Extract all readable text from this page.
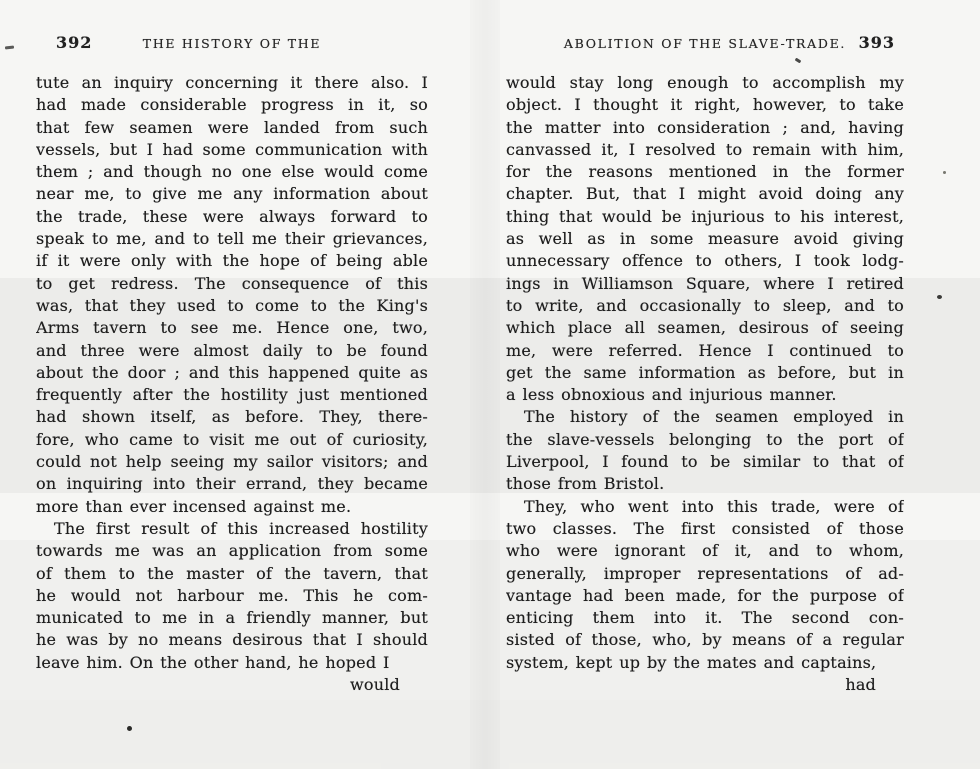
392	THE HISTORY OF THE
tute an inquiry concerning it there also. I
had made considerable progress in it, so
that few seamen were landed from such
vessels, but I had some communication with
them ; and though no one else would come
near me, to give me any information about
the trade, these were always forward to
speak to me, and to tell me their grievances,
if it were only with the hope of being able
to get redress. The consequence of this
was, that they used to come to the King's
Arms tavern to see me. Hence one, two,
and three were almost daily to be found
about the door ; and this happened quite as
frequently after the hostility just mentioned
had shown itself, as before. They, there-
fore, who came to visit me out of curiosity,
could not help seeing my sailor visitors; and
on inquiring into their errand, they became
more than ever incensed against me.
The first result of this increased hostility
towards me was an application from some
of them to the master of the tavern, that
he would not harbour me. This he com-
municated to me in a friendly manner, but
he was by no means desirous that I should
leave him. On the other hand, he hoped I
would
ABOLITION OF THE SLAVE-TRADE. 393
would stay long enough to accomplish my
object. I thought it right, however, to take
the matter into consideration ; and, having
canvassed it, I resolved to remain with him,
for the reasons mentioned in the former
chapter. But, that I might avoid doing any
thing that would be injurious to his interest,
as well as in some measure avoid giving
unnecessary offence to others, I took lodg-
ings in Williamson Square, where I retired
to write, and occasionally to sleep, and to
which place all seamen, desirous of seeing
me, were referred. Hence I continued to
get the same information as before, but in
a less obnoxious and injurious manner.
The history of the seamen employed in
the slave-vessels belonging to the port of
Liverpool, I found to be similar to that of
those from Bristol.
They, who went into this trade, were of
two classes. The first consisted of those
who were ignorant of it, and to whom,
generally, improper representations of ad-
vantage had been made, for the purpose of
enticing them into it. The second con-
sisted of those, who, by means of a regular
system, kept up by the mates and captains,
had
